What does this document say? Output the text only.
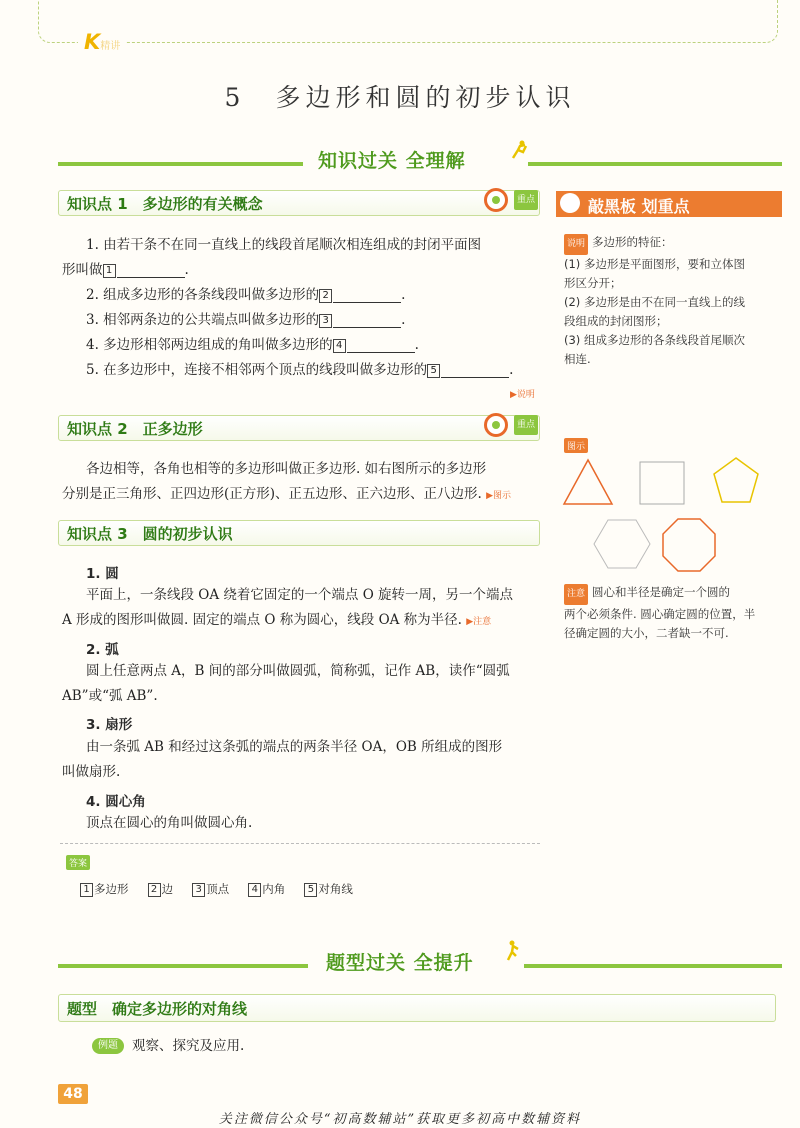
K精讲
5 多边形和圆的初步认识
知识过关 全理解
知识点 1　多边形的有关概念	重点
1. 由若干条不在同一直线上的线段首尾顺次相连组成的封闭平面图
形叫做 1	.
2. 组成多边形的各条线段叫做多边形的 2	.
3. 相邻两条边的公共端点叫做多边形的 3	.
4. 多边形相邻两边组成的角叫做多边形的 4	.
5. 在多边形中，连接不相邻两个顶点的线段叫做多边形的 5	.
▶说明
知识点 2　正多边形	重点
各边相等，各角也相等的多边形叫做正多边形. 如右图所示的多边形
分别是正三角形、正四边形(正方形)、正五边形、正六边形、正八边形. ▶图示
知识点 3　圆的初步认识
1. 圆
平面上，一条线段 OA 绕着它固定的一个端点 O 旋转一周，另一个端点
A 形成的图形叫做圆. 固定的端点 O 称为圆心，线段 OA 称为半径. ▶注意
2. 弧
圆上任意两点 A，B 间的部分叫做圆弧，简称弧，记作 AB，读作“圆弧
AB”或“弧 AB”.
3. 扇形
由一条弧 AB 和经过这条弧的端点的两条半径 OA，OB 所组成的图形
叫做扇形.
4. 圆心角
顶点在圆心的角叫做圆心角.
答案
1 多边形 2 边 3 顶点 4 内角 5 对角线
敲黑板 划重点
说明 多边形的特征：
(1) 多边形是平面图形，要和立体图
形区分开；
(2) 多边形是由不在同一直线上的线
段组成的封闭图形；
(3) 组成多边形的各条线段首尾顺次
相连.
图示
注意 圆心和半径是确定一个圆的
两个必须条件. 圆心确定圆的位置，半
径确定圆的大小，二者缺一不可.
题型过关 全提升
题型　确定多边形的对角线
例题	观察、探究及应用.
48
关注微信公众号“初高数辅站”获取更多初高中数辅资料
